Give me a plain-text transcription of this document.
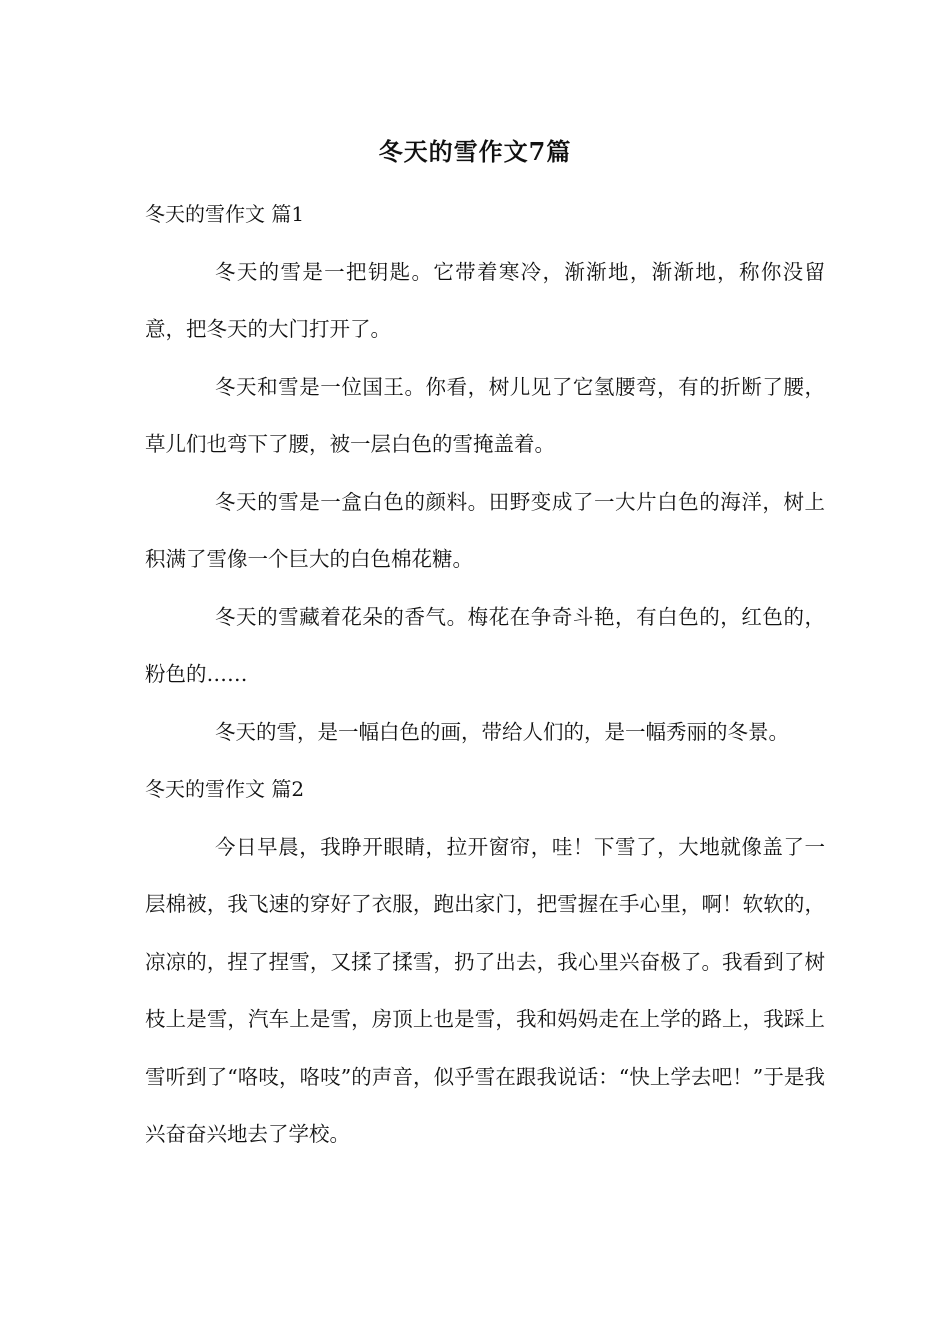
冬天的雪作文7篇

冬天的雪作文 篇1

冬天的雪是一把钥匙。它带着寒冷，渐渐地，渐渐地，称你没留意，把冬天的大门打开了。

冬天和雪是一位国王。你看，树儿见了它氢腰弯，有的折断了腰，草儿们也弯下了腰，被一层白色的雪掩盖着。

冬天的雪是一盒白色的颜料。田野变成了一大片白色的海洋，树上积满了雪像一个巨大的白色棉花糖。

冬天的雪藏着花朵的香气。梅花在争奇斗艳，有白色的，红色的，粉色的……

冬天的雪，是一幅白色的画，带给人们的，是一幅秀丽的冬景。

冬天的雪作文 篇2

今日早晨，我睁开眼睛，拉开窗帘，哇！下雪了，大地就像盖了一层棉被，我飞速的穿好了衣服，跑出家门，把雪握在手心里，啊！软软的，凉凉的，捏了捏雪，又揉了揉雪，扔了出去，我心里兴奋极了。我看到了树枝上是雪，汽车上是雪，房顶上也是雪，我和妈妈走在上学的路上，我踩上雪听到了“咯吱，咯吱”的声音，似乎雪在跟我说话：“快上学去吧！”于是我兴奋奋兴地去了学校。
